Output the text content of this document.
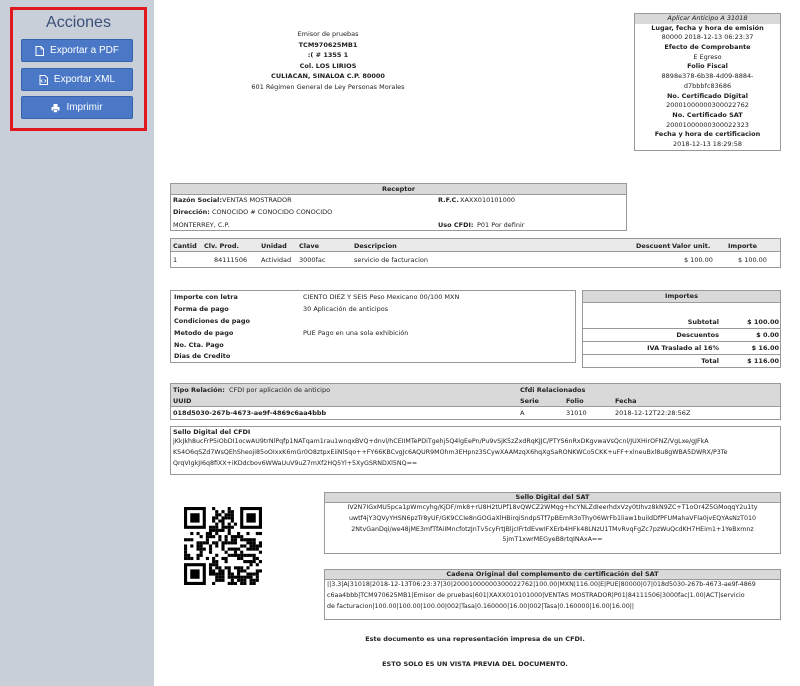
Acciones
Exportar a PDF
Exportar XML
Imprimir
Emisor de pruebas
TCM970625MB1
:( # 1355 1
Col. LOS LIRIOS
CULIACAN, SINALOA C.P. 80000
601 Régimen General de Ley Personas Morales
Aplicar Anticipo A 31018
Lugar, fecha y hora de emisión
80000 2018-12-13 06:23:37
Efecto de Comprobante
E Egreso
Folio Fiscal
8898e378-6b38-4d09-8884-
d7bbbfc83686
No. Certificado Digital
20001000000300022762
No. Certificado SAT
20001000000300022323
Fecha y hora de certificacion
2018-12-13 18:29:58
Receptor
Razón Social: VENTAS MOSTRADOR	R.F.C. XAXX010101000
Dirección: CONOCIDO # CONOCIDO CONOCIDO
MONTERREY, C.P.	Uso CFDI: P01 Por definir
Cantid Clv. Prod.	Unidad Clave	Descripcion	Descuent Valor unit.	Importe
1	84111506 Actividad 3000fac	servicio de facturacion	$ 100.00	$ 100.00
Importe con letra	CIENTO DIEZ Y SEIS Peso Mexicano 00/100 MXN
Forma de pago	30 Aplicación de anticipos
Condiciones de pago
Metodo de pago	PUE Pago en una sola exhibición
No. Cta. Pago
Dias de Credito
Importes
Subtotal	$ 100.00
Descuentos	$ 0.00
IVA Traslado al 16%	$ 16.00
Total	$ 116.00
Tipo Relación: CFDI por aplicación de anticipo	Cfdi Relacionados
UUID	Serie	Folio	Fecha
018d5030-267b-4673-ae9f-4869c6aa4bbb	A	31010	2018-12-12T22:28:56Z
Sello Digital del CFDI
jKkJkh8ucFrP5iObDI1ocwAU9trNlPqfp1NATqam1rau1wnqxBVQ+dnvl/hCEIIMTePDiTgehj5Q4lgEePn/Pu9vSjK5zZxdRqKJJC/PTYS6nRxDKgvwaVsQcnl/JUXHirOFNZ/VgLxe/gJFkA
KS4O6qSZd7WsQEhSheoji85oOIxxK6mGr0O8ztpxEiiNlSqo++FY66KBCvgJc6AQUR9MOhm3EHpnz3SCywXAAMzqX6hqXgSaRONKWCo5CKK+uFF+xlneuBxl8u8gWBA5DWRX/P3Te
QrqVIgkJI6q8fiXX+iKDdcbov6WWaUuV9uZ7mXf2HQ5Yl+5XyGSRNDXl5NQ==
Sello Digital del SAT
IV2N7IGxMU5pca1pWmcyhg/KjDF/mk8+rU8H2tUPf18vQWCZ2WMqg+hcYNLZdIeerhdxVzy0tIhvz8kN9ZC+T1oOr4Z5GMoqqY2u1ty
uwtf4jY3QVyYHSN6pzTr8yUF/GK9CCIe8nGOGaXlHBirqiSndpSTf7pBEmR3oThy06WrFb1liaw1buildDfPFUMahaVFla0jvEQYAsNzT010
2NtvGanDqi/we48jME3mfTfAiIMncfotzJnTv5cyFrtJBljcIFrtdEvwIFXErb4HFk48LNzU1TMvRvqFgZc7pzWuQcdKH7HEim1+1YeBxmnz
5jmT1xwrMEGyeB8rtqINAxA==
Cadena Original del complemento de certificación del SAT
||3.3|A|31018|2018-12-13T06:23:37|30|20001000000300022762|100.00|MXN|116.00|E|PUE|80000|07|018d5030-267b-4673-ae9f-4869
c6aa4bbb|TCM970625MB1|Emisor de pruebas|601|XAXX010101000|VENTAS MOSTRADOR|P01|84111506|3000fac|1.00|ACT|servicio
de facturacion|100.00|100.00|100.00|002|Tasa|0.160000|16.00|002|Tasa|0.160000|16.00|16.00||
Este documento es una representación impresa de un CFDI.
ESTO SOLO ES UN VISTA PREVIA DEL DOCUMENTO.
